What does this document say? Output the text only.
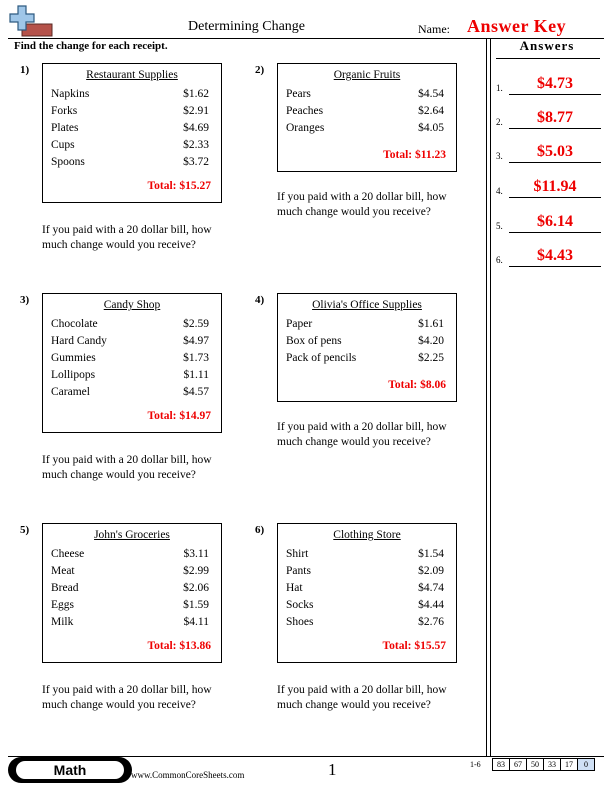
Determining Change	Name: Answer Key
Find the change for each receipt.	Answers
1.	$4.73
2.	$8.77
3.	$5.03
4.	$11.94
5.	$6.14
6.	$4.43
1)	Restaurant Supplies
Napkins	$1.62
Forks	$2.91
Plates	$4.69
Cups	$2.33
Spoons	$3.72
Total: $15.27
If you paid with a 20 dollar bill, how much change would you receive?
2)	Organic Fruits
Pears	$4.54
Peaches	$2.64
Oranges	$4.05
Total: $11.23
If you paid with a 20 dollar bill, how much change would you receive?
3)	Candy Shop
Chocolate	$2.59
Hard Candy	$4.97
Gummies	$1.73
Lollipops	$1.11
Caramel	$4.57
Total: $14.97
If you paid with a 20 dollar bill, how much change would you receive?
4)	Olivia's Office Supplies
Paper	$1.61
Box of pens	$4.20
Pack of pencils	$2.25
Total: $8.06
If you paid with a 20 dollar bill, how much change would you receive?
5)	John's Groceries
Cheese	$3.11
Meat	$2.99
Bread	$2.06
Eggs	$1.59
Milk	$4.11
Total: $13.86
If you paid with a 20 dollar bill, how much change would you receive?
6)	Clothing Store
Shirt	$1.54
Pants	$2.09
Hat	$4.74
Socks	$4.44
Shoes	$2.76
Total: $15.57
If you paid with a 20 dollar bill, how much change would you receive?
Math	www.CommonCoreSheets.com	1	1-6 83	67	50	33	17	0
